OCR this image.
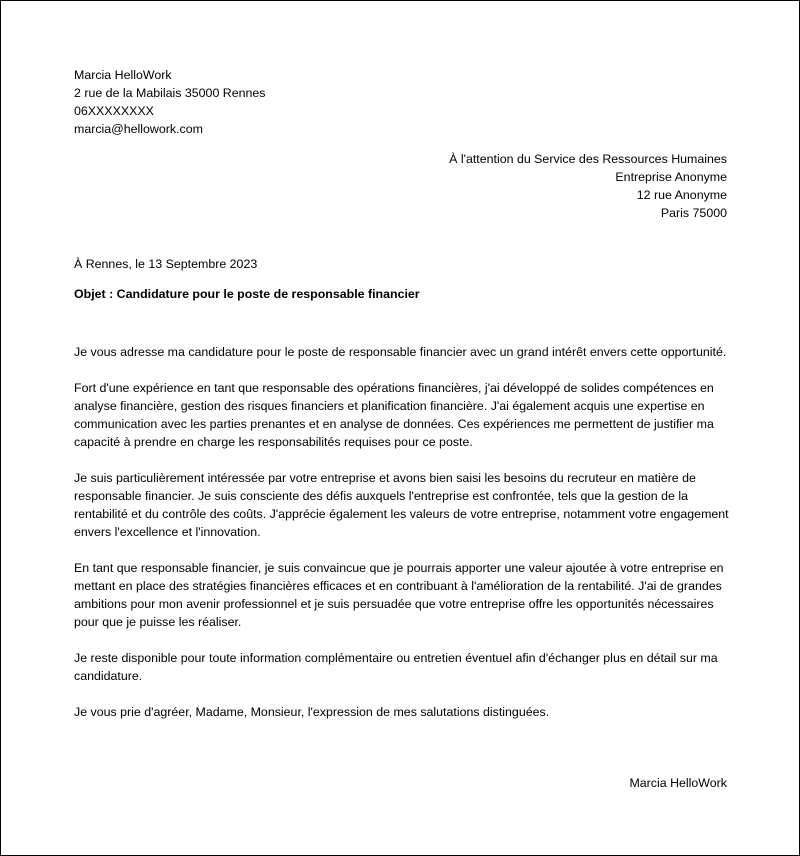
Marcia HelloWork
2 rue de la Mabilais 35000 Rennes
06XXXXXXXX
marcia@hellowork.com
À l'attention du Service des Ressources Humaines
Entreprise Anonyme
12 rue Anonyme
Paris 75000
À Rennes, le 13 Septembre 2023
Objet : Candidature pour le poste de responsable financier

Je vous adresse ma candidature pour le poste de responsable financier avec un grand intérêt envers cette opportunité.

Fort d'une expérience en tant que responsable des opérations financières, j'ai développé de solides compétences en analyse financière, gestion des risques financiers et planification financière. J'ai également acquis une expertise en communication avec les parties prenantes et en analyse de données. Ces expériences me permettent de justifier ma capacité à prendre en charge les responsabilités requises pour ce poste.

Je suis particulièrement intéressée par votre entreprise et avons bien saisi les besoins du recruteur en matière de responsable financier. Je suis consciente des défis auxquels l'entreprise est confrontée, tels que la gestion de la rentabilité et du contrôle des coûts. J'apprécie également les valeurs de votre entreprise, notamment votre engagement envers l'excellence et l'innovation.

En tant que responsable financier, je suis convaincue que je pourrais apporter une valeur ajoutée à votre entreprise en mettant en place des stratégies financières efficaces et en contribuant à l'amélioration de la rentabilité. J'ai de grandes ambitions pour mon avenir professionnel et je suis persuadée que votre entreprise offre les opportunités nécessaires pour que je puisse les réaliser.

Je reste disponible pour toute information complémentaire ou entretien éventuel afin d'échanger plus en détail sur ma candidature.

Je vous prie d'agréer, Madame, Monsieur, l'expression de mes salutations distinguées.

Marcia HelloWork
